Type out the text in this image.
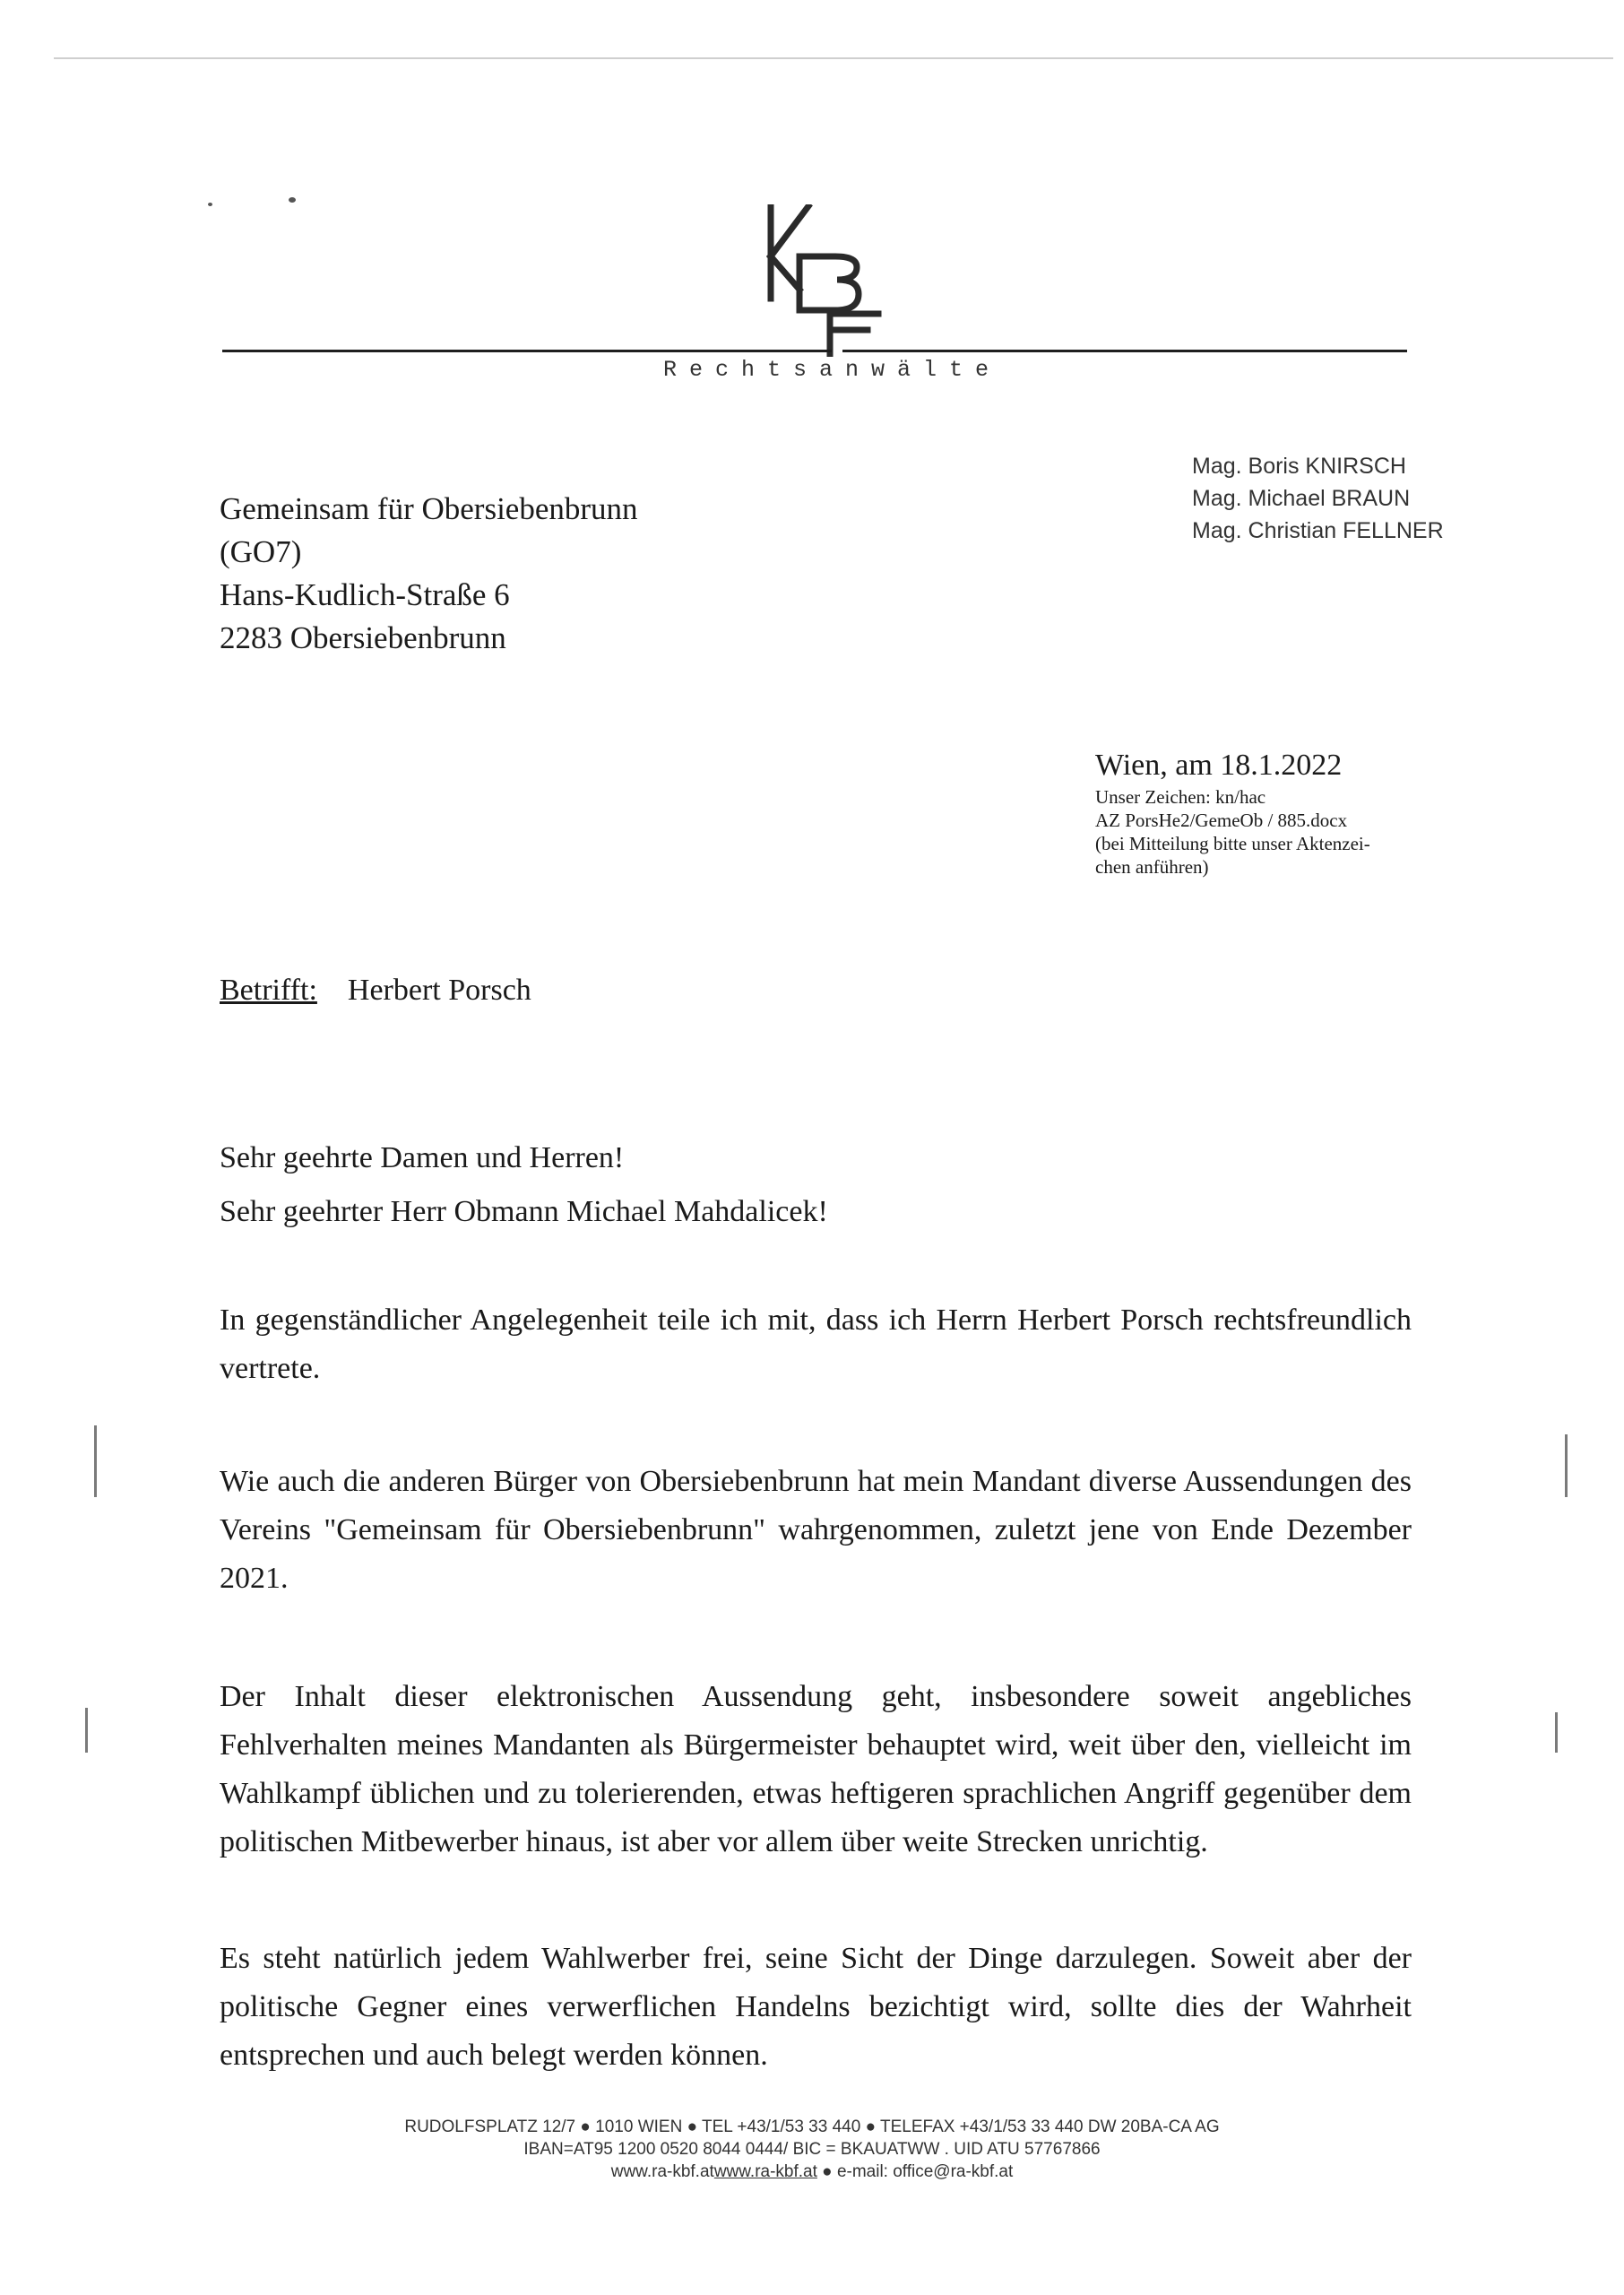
Rechtsanwälte
Mag. Boris KNIRSCH
Mag. Michael BRAUN
Mag. Christian FELLNER
Gemeinsam für Obersiebenbrunn
(GO7)
Hans-Kudlich-Straße 6
2283 Obersiebenbrunn
Wien, am 18.1.2022
Unser Zeichen: kn/hac
AZ PorsHe2/GemeOb / 885.docx
(bei Mitteilung bitte unser Aktenzei-
chen anführen)
Betrifft: Herbert Porsch
Sehr geehrte Damen und Herren!
Sehr geehrter Herr Obmann Michael Mahdalicek!

In gegenständlicher Angelegenheit teile ich mit, dass ich Herrn Herbert Porsch rechtsfreundlich vertrete.

Wie auch die anderen Bürger von Obersiebenbrunn hat mein Mandant diverse Aussendungen des Vereins "Gemeinsam für Obersiebenbrunn" wahrgenommen, zuletzt jene von Ende Dezember 2021.

Der Inhalt dieser elektronischen Aussendung geht, insbesondere soweit angebliches Fehlverhalten meines Mandanten als Bürgermeister behauptet wird, weit über den, vielleicht im Wahlkampf üblichen und zu tolerierenden, etwas heftigeren sprachlichen Angriff gegenüber dem politischen Mitbewerber hinaus, ist aber vor allem über weite Strecken unrichtig.

Es steht natürlich jedem Wahlwerber frei, seine Sicht der Dinge darzulegen. Soweit aber der politische Gegner eines verwerflichen Handelns bezichtigt wird, sollte dies der Wahrheit entsprechen und auch belegt werden können.

RUDOLFSPLATZ 12/7 ● 1010 WIEN ● TEL +43/1/53 33 440 ● TELEFAX +43/1/53 33 440 DW 20BA-CA AG
IBAN=AT95 1200 0520 8044 0444/ BIC = BKAUATWW . UID ATU 57767866
www.ra-kbf.atwww.ra-kbf.at ● e-mail: office@ra-kbf.at
